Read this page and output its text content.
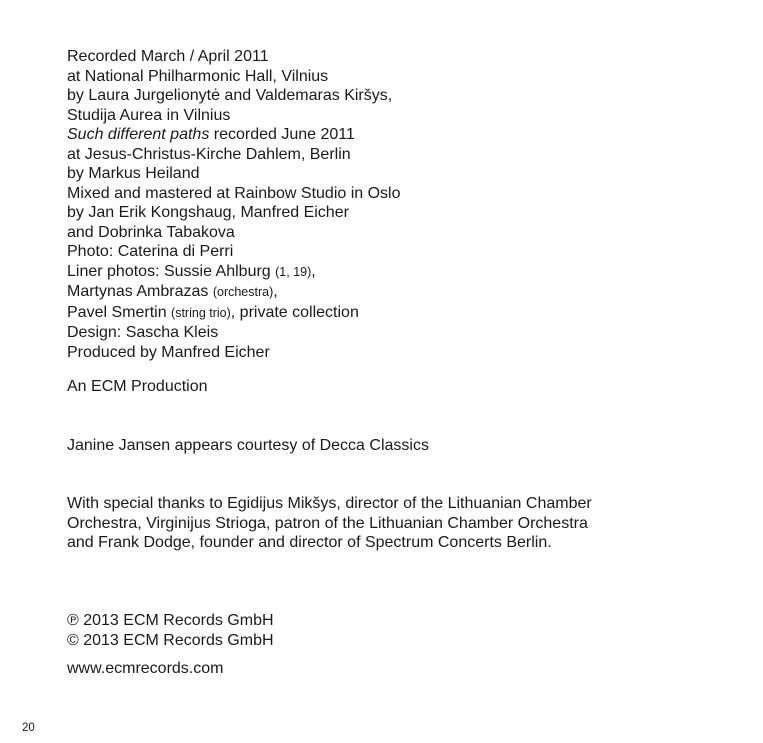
Recorded March / April 2011
at National Philharmonic Hall, Vilnius
by Laura Jurgelionytė and Valdemaras Kiršys,
Studija Aurea in Vilnius
Such different paths recorded June 2011
at Jesus-Christus-Kirche Dahlem, Berlin
by Markus Heiland
Mixed and mastered at Rainbow Studio in Oslo
by Jan Erik Kongshaug, Manfred Eicher
and Dobrinka Tabakova
Photo: Caterina di Perri
Liner photos: Sussie Ahlburg (1, 19),
Martynas Ambrazas (orchestra),
Pavel Smertin (string trio), private collection
Design: Sascha Kleis
Produced by Manfred Eicher
An ECM Production
Janine Jansen appears courtesy of Decca Classics
With special thanks to Egidijus Mikšys, director of the Lithuanian Chamber
Orchestra, Virginijus Strioga, patron of the Lithuanian Chamber Orchestra
and Frank Dodge, founder and director of Spectrum Concerts Berlin.
℗ 2013 ECM Records GmbH
© 2013 ECM Records GmbH
www.ecmrecords.com
20
